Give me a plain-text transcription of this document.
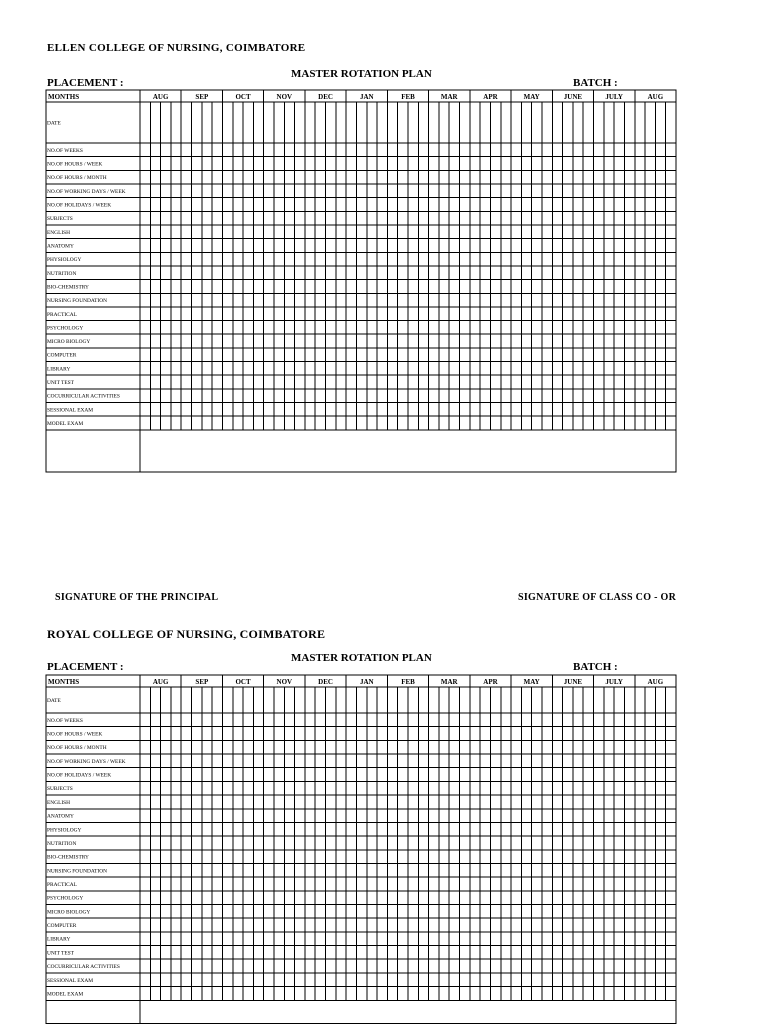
ELLEN COLLEGE OF NURSING, COIMBATORE
MASTER ROTATION PLAN
PLACEMENT :	BATCH :
MONTHS	AUG	SEP	OCT	NOV	DEC	JAN	FEB	MAR	APR	MAY	JUNE	JULY	AUG
DATE
NO.OF WEEKS
NO.OF HOURS / WEEK
NO.OF HOURS / MONTH
NO.OF WORKING DAYS / WEEK
NO.OF HOLIDAYS / WEEK
SUBJECTS
ENGLISH
ANATOMY
PHYSIOLOGY
NUTRITION
BIO-CHEMISTRY
NURSING FOUNDATION
PRACTICAL
PSYCHOLOGY
MICRO BIOLOGY
COMPUTER
LIBRARY
UNIT TEST
COCURRICULAR ACTIVITIES
SESSIONAL EXAM
MODEL EXAM
SIGNATURE OF THE PRINCIPAL	SIGNATURE OF CLASS CO - OR
ROYAL COLLEGE OF NURSING, COIMBATORE
MASTER ROTATION PLAN
PLACEMENT :	BATCH :
MONTHS	AUG	SEP	OCT	NOV	DEC	JAN	FEB	MAR	APR	MAY	JUNE	JULY	AUG
DATE
NO.OF WEEKS
NO.OF HOURS / WEEK
NO.OF HOURS / MONTH
NO.OF WORKING DAYS / WEEK
NO.OF HOLIDAYS / WEEK
SUBJECTS
ENGLISH
ANATOMY
PHYSIOLOGY
NUTRITION
BIO-CHEMISTRY
NURSING FOUNDATION
PRACTICAL
PSYCHOLOGY
MICRO BIOLOGY
COMPUTER
LIBRARY
UNIT TEST
COCURRICULAR ACTIVITIES
SESSIONAL EXAM
MODEL EXAM
